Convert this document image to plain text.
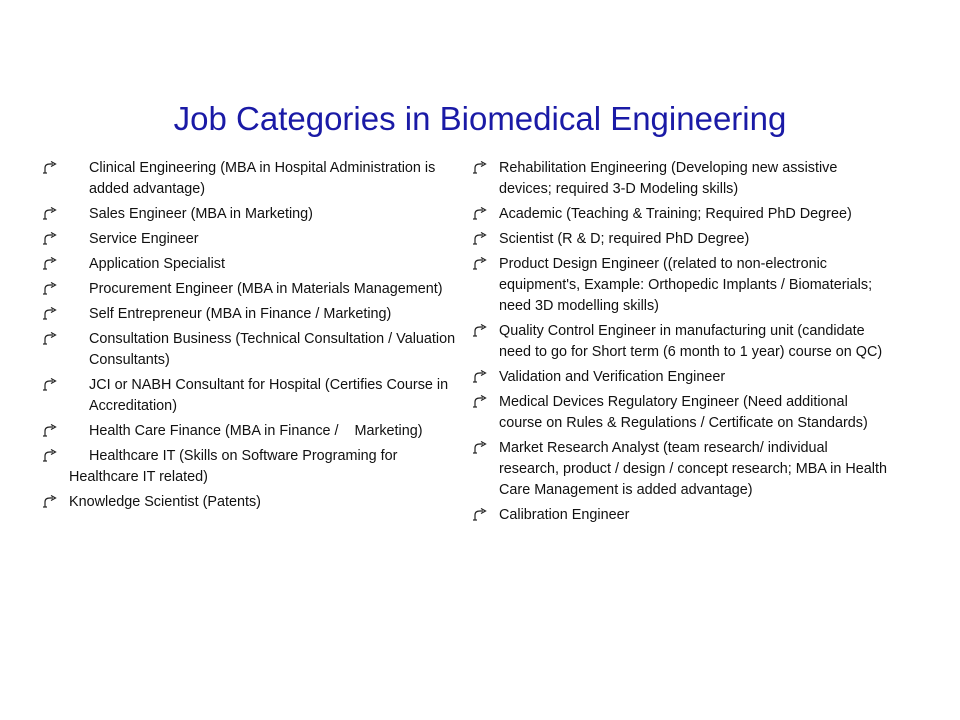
Job Categories in Biomedical Engineering
Clinical Engineering (MBA in Hospital Administration is added advantage)
Sales Engineer (MBA in Marketing)
Service Engineer
Application Specialist
Procurement Engineer (MBA in Materials Management)
Self Entrepreneur (MBA in Finance / Marketing)
Consultation Business (Technical Consultation / Valuation Consultants)
JCI or NABH Consultant for Hospital (Certifies Course in Accreditation)
Health Care Finance (MBA in Finance /    Marketing)
Healthcare IT (Skills on Software Programing for
Healthcare IT related)
Knowledge Scientist (Patents)
Rehabilitation Engineering (Developing new assistive devices; required 3-D Modeling skills)
Academic (Teaching & Training; Required PhD Degree)
Scientist (R & D; required PhD Degree)
Product Design Engineer ((related to non-electronic equipment's, Example: Orthopedic Implants / Biomaterials; need 3D modelling skills)
Quality Control Engineer in manufacturing unit (candidate need to go for Short term (6 month to 1 year) course on QC)
Validation and Verification Engineer
Medical Devices Regulatory Engineer (Need additional course on Rules & Regulations / Certificate on Standards)
Market Research Analyst (team research/ individual research, product / design / concept research; MBA in Health Care Management is added advantage)
Calibration Engineer
